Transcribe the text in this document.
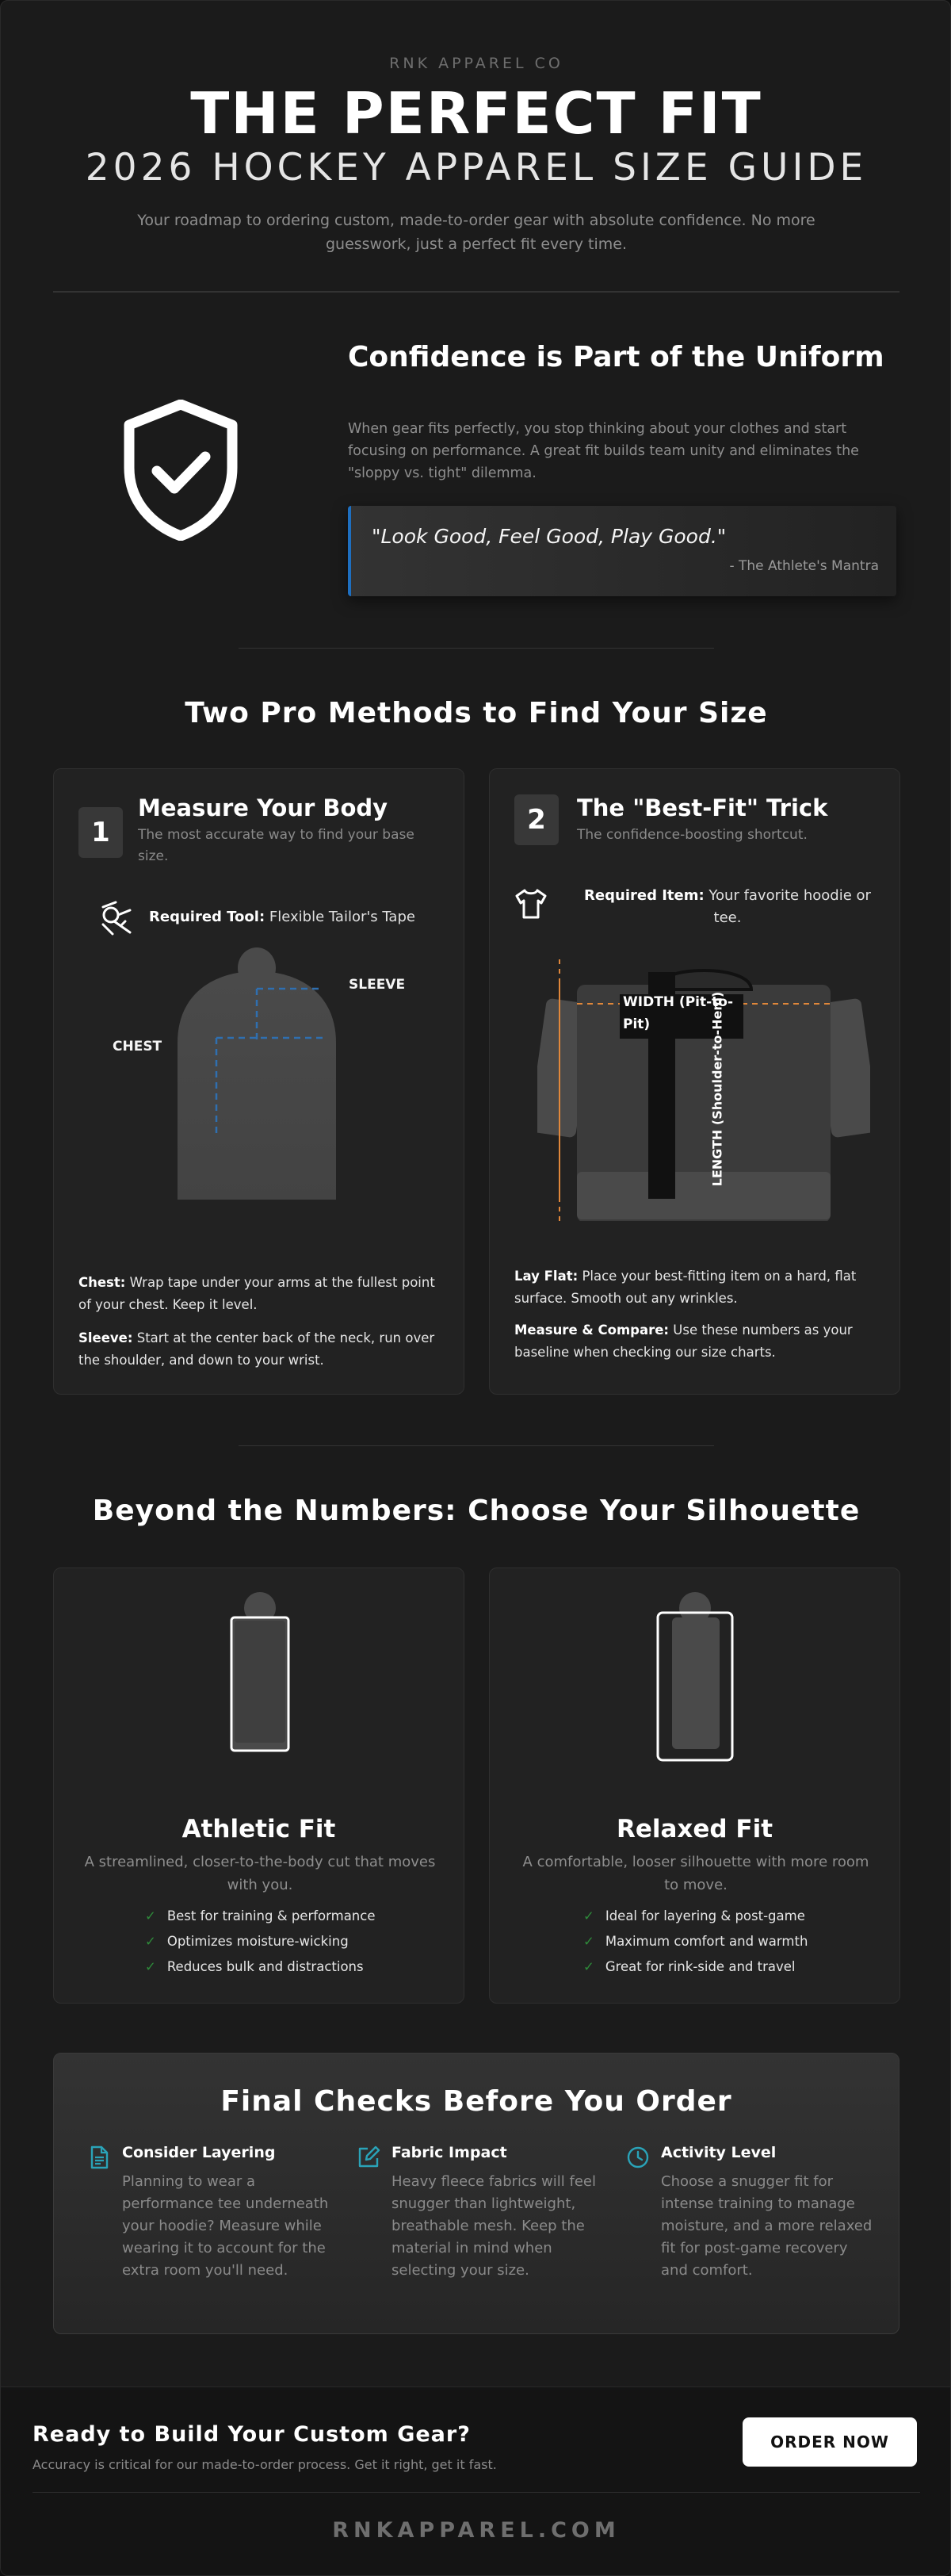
RNK APPAREL CO
THE PERFECT FIT
2026 HOCKEY APPAREL SIZE GUIDE

Your roadmap to ordering custom, made-to-order gear with absolute confidence. No more guesswork, just a perfect fit every time.

Confidence is Part of the Uniform

When gear fits perfectly, you stop thinking about your clothes and start focusing on performance. A great fit builds team unity and eliminates the "sloppy vs. tight" dilemma.

"Look Good, Feel Good, Play Good."
- The Athlete's Mantra
Two Pro Methods to Find Your Size
1
Measure Your Body
The most accurate way to find your base size.
Required Tool: Flexible Tailor's Tape
SLEEVE
CHEST
Chest: Wrap tape under your arms at the fullest point of your chest. Keep it level.
Sleeve: Start at the center back of the neck, run over the shoulder, and down to your wrist.
2	The "Best-Fit" Trick
The confidence-boosting shortcut.
Required Item: Your favorite hoodie or tee.
WIDTH (Pit-to-Pit)	LENGTH (Shoulder-to-Hem)
Lay Flat: Place your best-fitting item on a hard, flat surface. Smooth out any wrinkles.
Measure & Compare: Use these numbers as your baseline when checking our size charts.
Beyond the Numbers: Choose Your Silhouette
Athletic Fit
A streamlined, closer-to-the-body cut that moves with you.
✓ Best for training & performance
✓ Optimizes moisture-wicking
✓ Reduces bulk and distractions
Relaxed Fit
A comfortable, looser silhouette with more room to move.
✓ Ideal for layering & post-game
✓ Maximum comfort and warmth
✓ Great for rink-side and travel
Final Checks Before You Order
Consider Layering
Planning to wear a performance tee underneath your hoodie? Measure while wearing it to account for the extra room you'll need.
Fabric Impact
Heavy fleece fabrics will feel snugger than lightweight, breathable mesh. Keep the material in mind when selecting your size.
Activity Level
Choose a snugger fit for intense training to manage moisture, and a more relaxed fit for post-game recovery and comfort.
Ready to Build Your Custom Gear?
Accuracy is critical for our made-to-order process. Get it right, get it fast.
ORDER NOW
RNKAPPAREL.COM
